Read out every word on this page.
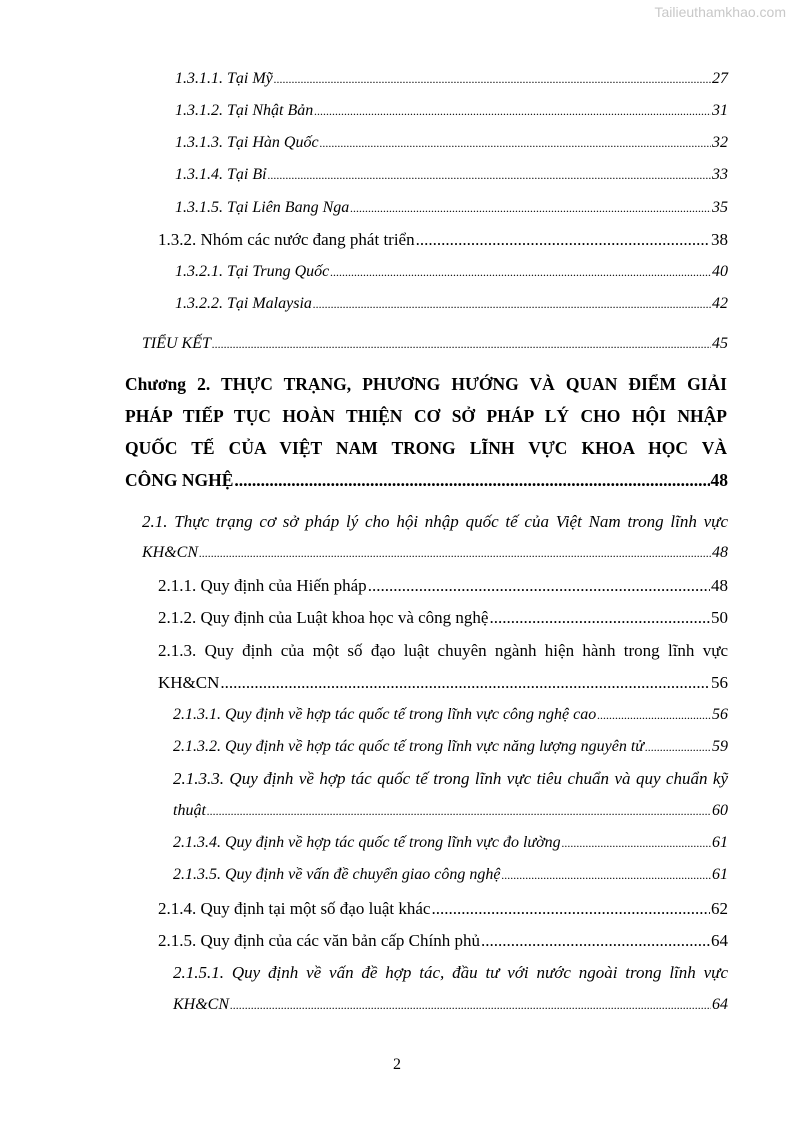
Tailieuthamkhao.com
1.3.1.1. Tại Mỹ .....	27
1.3.1.2. Tại Nhật Bản .....	31
1.3.1.3. Tại Hàn Quốc .....	32
1.3.1.4. Tại Bỉ .....	33
1.3.1.5. Tại Liên Bang Nga .....	35
1.3.2. Nhóm các nước đang phát triển .....	38
1.3.2.1. Tại Trung Quốc .....	40
1.3.2.2. Tại Malaysia .....	42
TIỂU KẾT .....	45
Chương 2. THỰC TRẠNG, PHƯƠNG HƯỚNG VÀ QUAN ĐIỂM GIẢI
PHÁP TIẾP TỤC HOÀN THIỆN CƠ SỞ PHÁP LÝ CHO HỘI NHẬP
QUỐC TẾ CỦA VIỆT NAM TRONG LĨNH VỰC KHOA HỌC VÀ
CÔNG NGHỆ .....	48
2.1. Thực trạng cơ sở pháp lý cho hội nhập quốc tế của Việt Nam trong lĩnh vực
KH&CN .....	48
2.1.1. Quy định của Hiến pháp .....	48
2.1.2. Quy định của Luật khoa học và công nghệ .....	50
2.1.3. Quy định của một số đạo luật chuyên ngành hiện hành trong lĩnh vực
KH&CN .....	56
2.1.3.1. Quy định về hợp tác quốc tế trong lĩnh vực công nghệ cao .....	56
2.1.3.2. Quy định về hợp tác quốc tế trong lĩnh vực năng lượng nguyên tử .....	59
2.1.3.3. Quy định về hợp tác quốc tế trong lĩnh vực tiêu chuẩn và quy chuẩn kỹ
thuật .....	60
2.1.3.4. Quy định về hợp tác quốc tế trong lĩnh vực đo lường .....	61
2.1.3.5. Quy định về vấn đề chuyển giao công nghệ .....	61
2.1.4. Quy định tại một số đạo luật khác .....	62
2.1.5. Quy định của các văn bản cấp Chính phủ .....	64
2.1.5.1. Quy định về vấn đề hợp tác, đầu tư với nước ngoài trong lĩnh vực
KH&CN .....	64
2
